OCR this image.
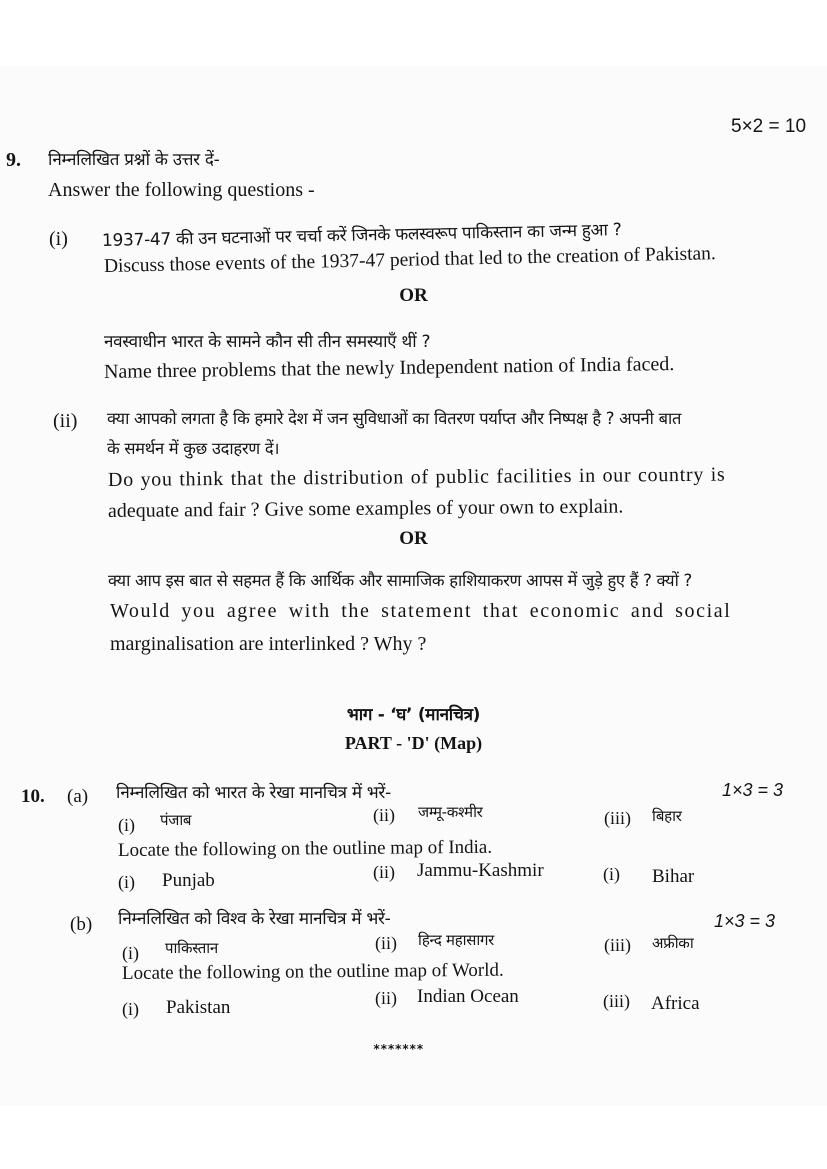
5×2 = 10
9. निम्नलिखित प्रश्नों के उत्तर दें-
Answer the following questions -
(i) 1937-47 की उन घटनाओं पर चर्चा करें जिनके फलस्वरूप पाकिस्तान का जन्म हुआ ?
Discuss those events of the 1937-47 period that led to the creation of Pakistan.
OR
नवस्वाधीन भारत के सामने कौन सी तीन समस्याएँ थीं ?
Name three problems that the newly Independent nation of India faced.
(ii) क्या आपको लगता है कि हमारे देश में जन सुविधाओं का वितरण पर्याप्त और निष्पक्ष है ? अपनी बात
के समर्थन में कुछ उदाहरण दें।
Do you think that the distribution of public facilities in our country is
adequate and fair ? Give some examples of your own to explain.
OR
क्या आप इस बात से सहमत हैं कि आर्थिक और सामाजिक हाशियाकरण आपस में जुड़े हुए हैं ? क्यों ?
Would you agree with the statement that economic and social
marginalisation are interlinked ? Why ?
भाग - ‘घ’ (मानचित्र)
PART - 'D' (Map)
10. (a) निम्नलिखित को भारत के रेखा मानचित्र में भरें-	1×3 = 3
(i) पंजाब	(ii) जम्मू-कश्मीर	(iii) बिहार
Locate the following on the outline map of India.
(i) Punjab	(ii) Jammu-Kashmir	(i) Bihar
(b) निम्नलिखित को विश्व के रेखा मानचित्र में भरें-	1×3 = 3
(i) पाकिस्तान	(ii) हिन्द महासागर	(iii) अफ्रीका
Locate the following on the outline map of World.
(i) Pakistan	(ii) Indian Ocean	(iii) Africa
*******
